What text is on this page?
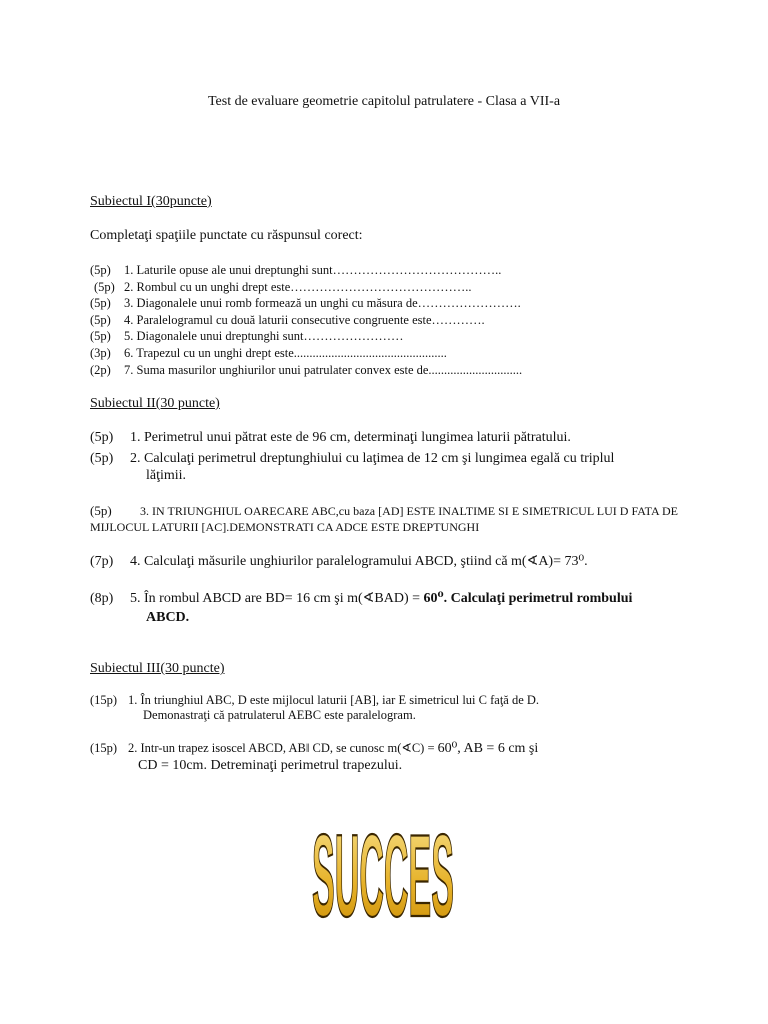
Test de evaluare geometrie capitolul patrulatere - Clasa a VII-a
Subiectul I(30puncte)
Completaţi spaţiile punctate cu răspunsul corect:
(5p)	1. Laturile opuse ale unui dreptunghi sunt…………………………………..
(5p) 2. Rombul cu un unghi drept este……………………………………..
(5p)	3. Diagonalele unui romb formează un unghi cu măsura de…………………….
(5p)	4. Paralelogramul cu două laturii consecutive congruente este………….
(5p)	5. Diagonalele unui dreptunghi sunt……………………
(3p)	6. Trapezul cu un unghi drept este.................................................
(2p)	7. Suma masurilor unghiurilor unui patrulater convex este de..............................
Subiectul II(30 puncte)
(5p) 1. Perimetrul unui pătrat este de 96 cm, determinaţi lungimea laturii pătratului.
(5p) 2. Calculaţi perimetrul dreptunghiului cu laţimea de 12 cm şi lungimea egală cu triplul
lăţimii.
(5p) 3. IN TRIUNGHIUL OARECARE ABC,cu baza [AD] ESTE INALTIME SI E SIMETRICUL LUI D FATA DE MIJLOCUL LATURII [AC].DEMONSTRATI CA ADCE ESTE DREPTUNGHI
(7p) 4. Calculaţi măsurile unghiurilor paralelogramului ABCD, ştiind că m(∢A)= 73⁰.
(8p) 5. În rombul ABCD are BD= 16 cm şi m(∢BAD) = 60⁰. Calculaţi perimetrul rombului
ABCD.
Subiectul III(30 puncte)
(15p) 1. În triunghiul ABC, D este mijlocul laturii [AB], iar E simetricul lui C faţă de D.
Demonastraţi că patrulaterul AEBC este paralelogram.
(15p) 2. Intr-un trapez isoscel ABCD, AB‖ CD, se cunosc m(∢C) = 60⁰, AB = 6 cm şi
CD = 10cm. Detreminaţi perimetrul trapezului.
SUCCES
